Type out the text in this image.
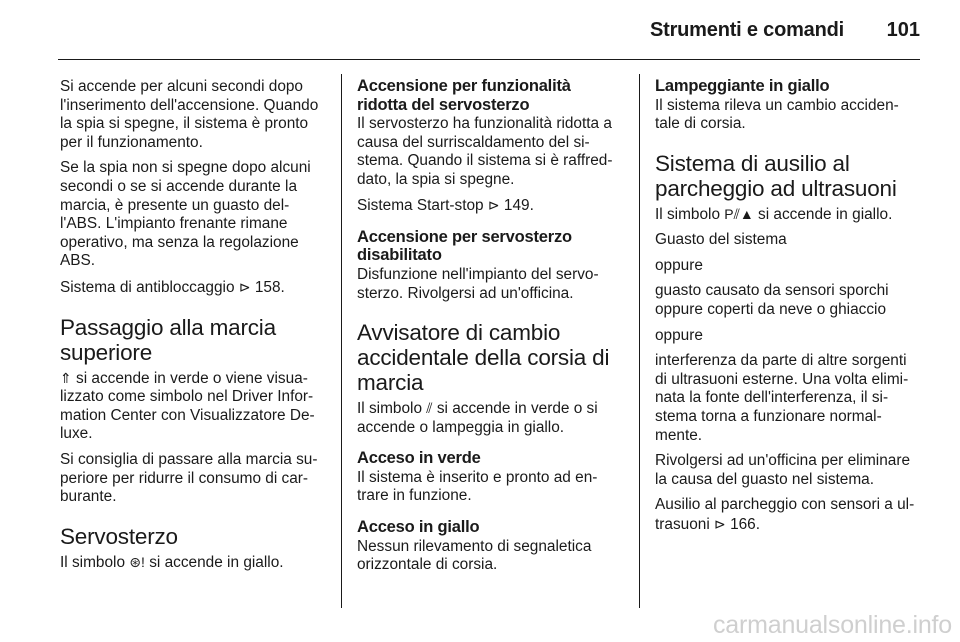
Strumenti e comandi 101

Si accende per alcuni secondi dopo l'inserimento dell'accensione. Quando la spia si spegne, il sistema è pronto per il funzionamento.

Se la spia non si spegne dopo alcuni secondi o se si accende durante la marcia, è presente un guasto del- l'ABS. L'impianto frenante rimane operativo, ma senza la regolazione ABS.

Sistema di antibloccaggio ⊳ 158.

Passaggio alla marcia superiore

⇑ si accende in verde o viene visua- lizzato come simbolo nel Driver Infor- mation Center con Visualizzatore De- luxe.

Si consiglia di passare alla marcia su- periore per ridurre il consumo di car- burante.

Servosterzo

Il simbolo ⊛! si accende in giallo.

Accensione per funzionalità ridotta del servosterzo

Il servosterzo ha funzionalità ridotta a causa del surriscaldamento del si- stema. Quando il sistema si è raffred- dato, la spia si spegne.

Sistema Start-stop ⊳ 149.

Accensione per servosterzo disabilitato

Disfunzione nell'impianto del servo- sterzo. Rivolgersi ad un'officina.

Avvisatore di cambio accidentale della corsia di marcia

Il simbolo ⫽ si accende in verde o si accende o lampeggia in giallo.

Acceso in verde

Il sistema è inserito e pronto ad en- trare in funzione.

Acceso in giallo

Nessun rilevamento di segnaletica orizzontale di corsia.

Lampeggiante in giallo

Il sistema rileva un cambio acciden- tale di corsia.

Sistema di ausilio al parcheggio ad ultrasuoni

Il simbolo P⫽▲ si accende in giallo.

Guasto del sistema

oppure

guasto causato da sensori sporchi oppure coperti da neve o ghiaccio

oppure

interferenza da parte di altre sorgenti di ultrasuoni esterne. Una volta elimi- nata la fonte dell'interferenza, il si- stema torna a funzionare normal- mente.

Rivolgersi ad un'officina per eliminare la causa del guasto nel sistema.

Ausilio al parcheggio con sensori a ul- trasuoni ⊳ 166.

carmanualsonline.info
